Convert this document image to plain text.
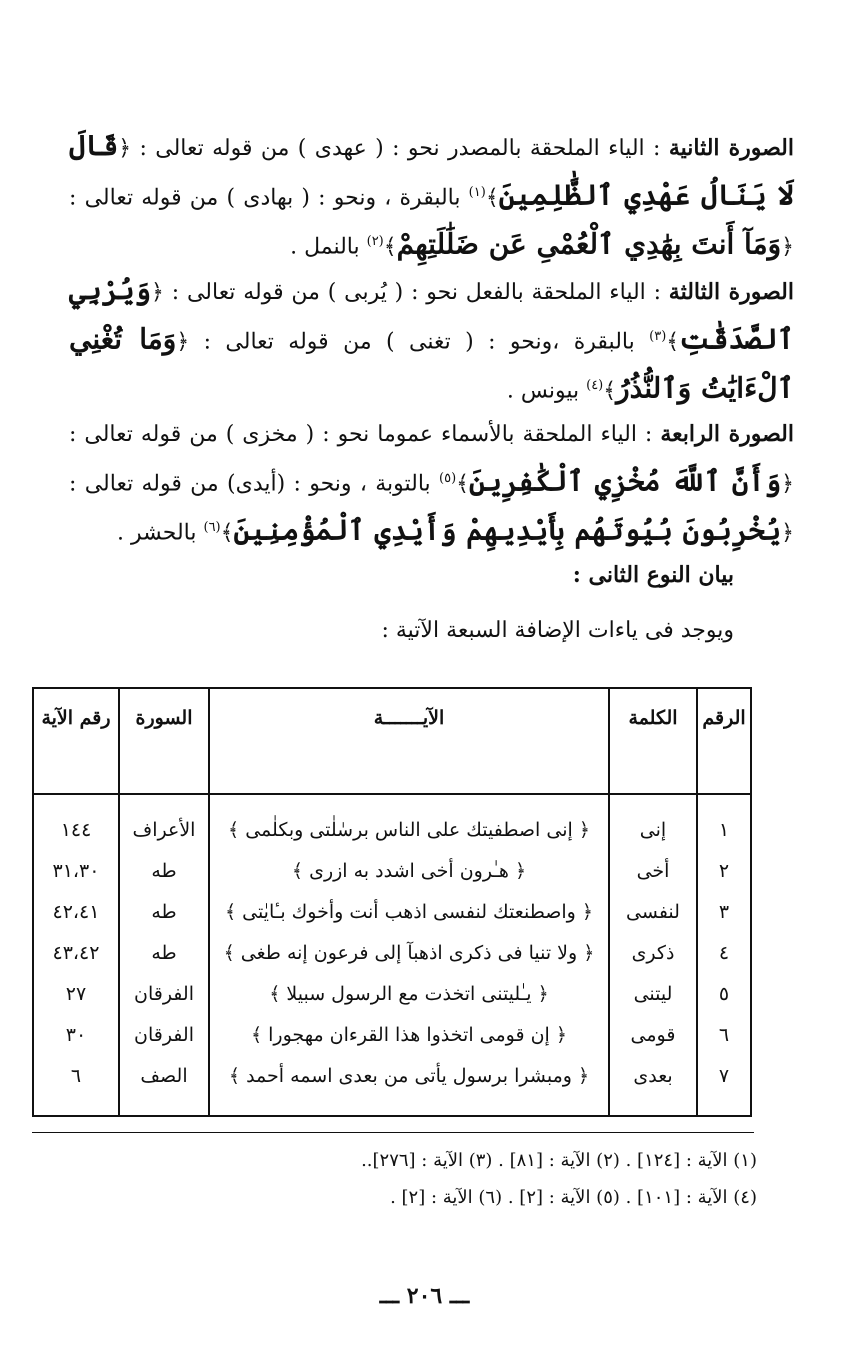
الصورة الثانية : الياء الملحقة بالمصدر نحو : ( عهدى ) من قوله تعالى : ﴿قَالَ لَا يَنَالُ عَهْدِي ٱلظَّٰلِمِينَ﴾$^{(١)}$ بالبقرة ، ونحو : ( بهادى ) من قوله تعالى : ﴿وَمَآ أَنتَ بِهَٰدِي ٱلْعُمْىِ عَن ضَلَٰلَتِهِمْ﴾$^{(٢)}$ بالنمل .

الصورة الثالثة : الياء الملحقة بالفعل نحو : ( يُربى ) من قوله تعالى : ﴿وَيُرْبِي ٱلصَّدَقَٰتِ﴾$^{(٣)}$ بالبقرة ،ونحو : ( تغنى ) من قوله تعالى : ﴿وَمَا تُغْنِي ٱلْءَايَٰتُ وَٱلنُّذُرُ﴾$^{(٤)}$ بيونس .

الصورة الرابعة : الياء الملحقة بالأسماء عموما نحو : ( مخزى ) من قوله تعالى : ﴿وَأَنَّ ٱللَّهَ مُخْزِي ٱلْكَٰفِرِينَ﴾$^{(٥)}$ بالتوبة ، ونحو : (أيدى) من قوله تعالى : ﴿يُخْرِبُونَ بُيُوتَهُم بِأَيْدِيهِمْ وَأَيْدِي ٱلْمُؤْمِنِينَ﴾$^{(٦)}$ بالحشر .

بيان النوع الثانى :
ويوجد فى ياءات الإضافة السبعة الآتية :
الرقم	الكلمة	الآيـــــــة	السورة	رقم الآية
١	إنى	﴿ إنى اصطفيتك على الناس برسٰلٰتى وبكلٰمى ﴾	الأعراف	١٤٤
٢	أخى	﴿ هـٰرون أخى اشدد به ازرى ﴾	طه	٣١،٣٠
٣	لنفسى	﴿ واصطنعتك لنفسى اذهب أنت وأخوك بـٔايٰتى ﴾	طه	٤٢،٤١
٤	ذكرى	﴿ ولا تنيا فى ذكرى اذهبآ إلى فرعون إنه طغى ﴾	طه	٤٣،٤٢
٥	ليتنى	﴿ يـٰليتنى اتخذت مع الرسول سبيلا ﴾	الفرقان	٢٧
٦	قومى	﴿ إن قومى اتخذوا هذا القرءان مهجورا ﴾	الفرقان	٣٠
٧	بعدى	﴿ ومبشرا برسول يأتى من بعدى اسمه أحمد ﴾	الصف	٦

(١) الآية : [١٢٤] . (٢) الآية : [٨١] . (٣) الآية : [٢٧٦]..
(٤) الآية : [١٠١] . (٥) الآية : [٢] . (٦) الآية : [٢] .
ـــ ٢٠٦ ـــ
